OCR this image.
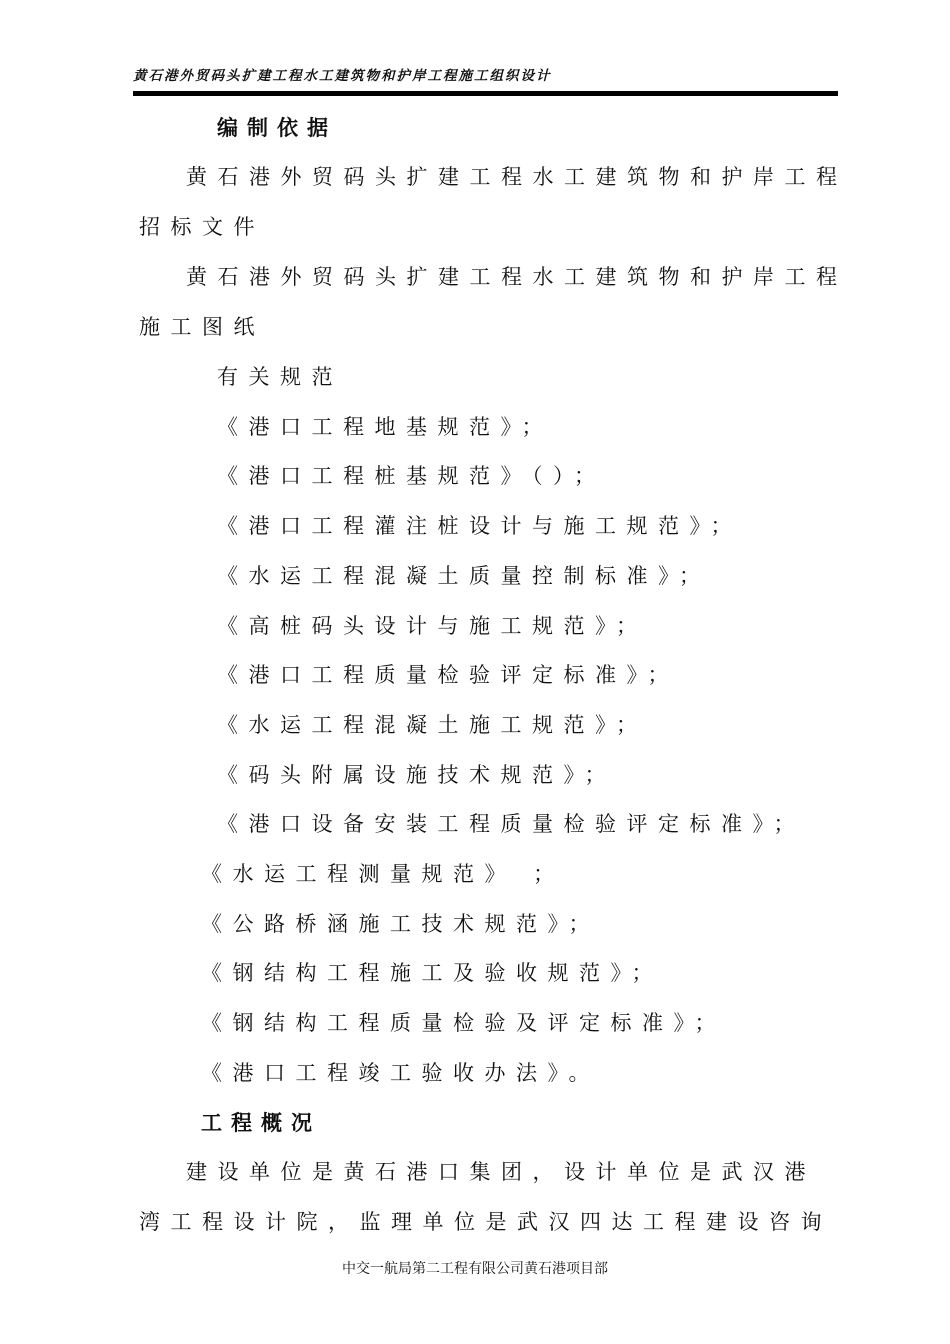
黄石港外贸码头扩建工程水工建筑物和护岸工程施工组织设计
编制依据
黄石港外贸码头扩建工程水工建筑物和护岸工程
招标文件
黄石港外贸码头扩建工程水工建筑物和护岸工程
施工图纸
有关规范
《港口工程地基规范》；
《港口工程桩基规范》（）；
《港口工程灌注桩设计与施工规范》；
《水运工程混凝土质量控制标准》；
《高桩码头设计与施工规范》；
《港口工程质量检验评定标准》；
《水运工程混凝土施工规范》；
《码头附属设施技术规范》；
《港口设备安装工程质量检验评定标准》；
《水运工程测量规范》 ；
《公路桥涵施工技术规范》；
《钢结构工程施工及验收规范》；
《钢结构工程质量检验及评定标准》；
《港口工程竣工验收办法》。
工程概况
建设单位是黄石港口集团，设计单位是武汉港
湾工程设计院，监理单位是武汉四达工程建设咨询
中交一航局第二工程有限公司黄石港项目部
